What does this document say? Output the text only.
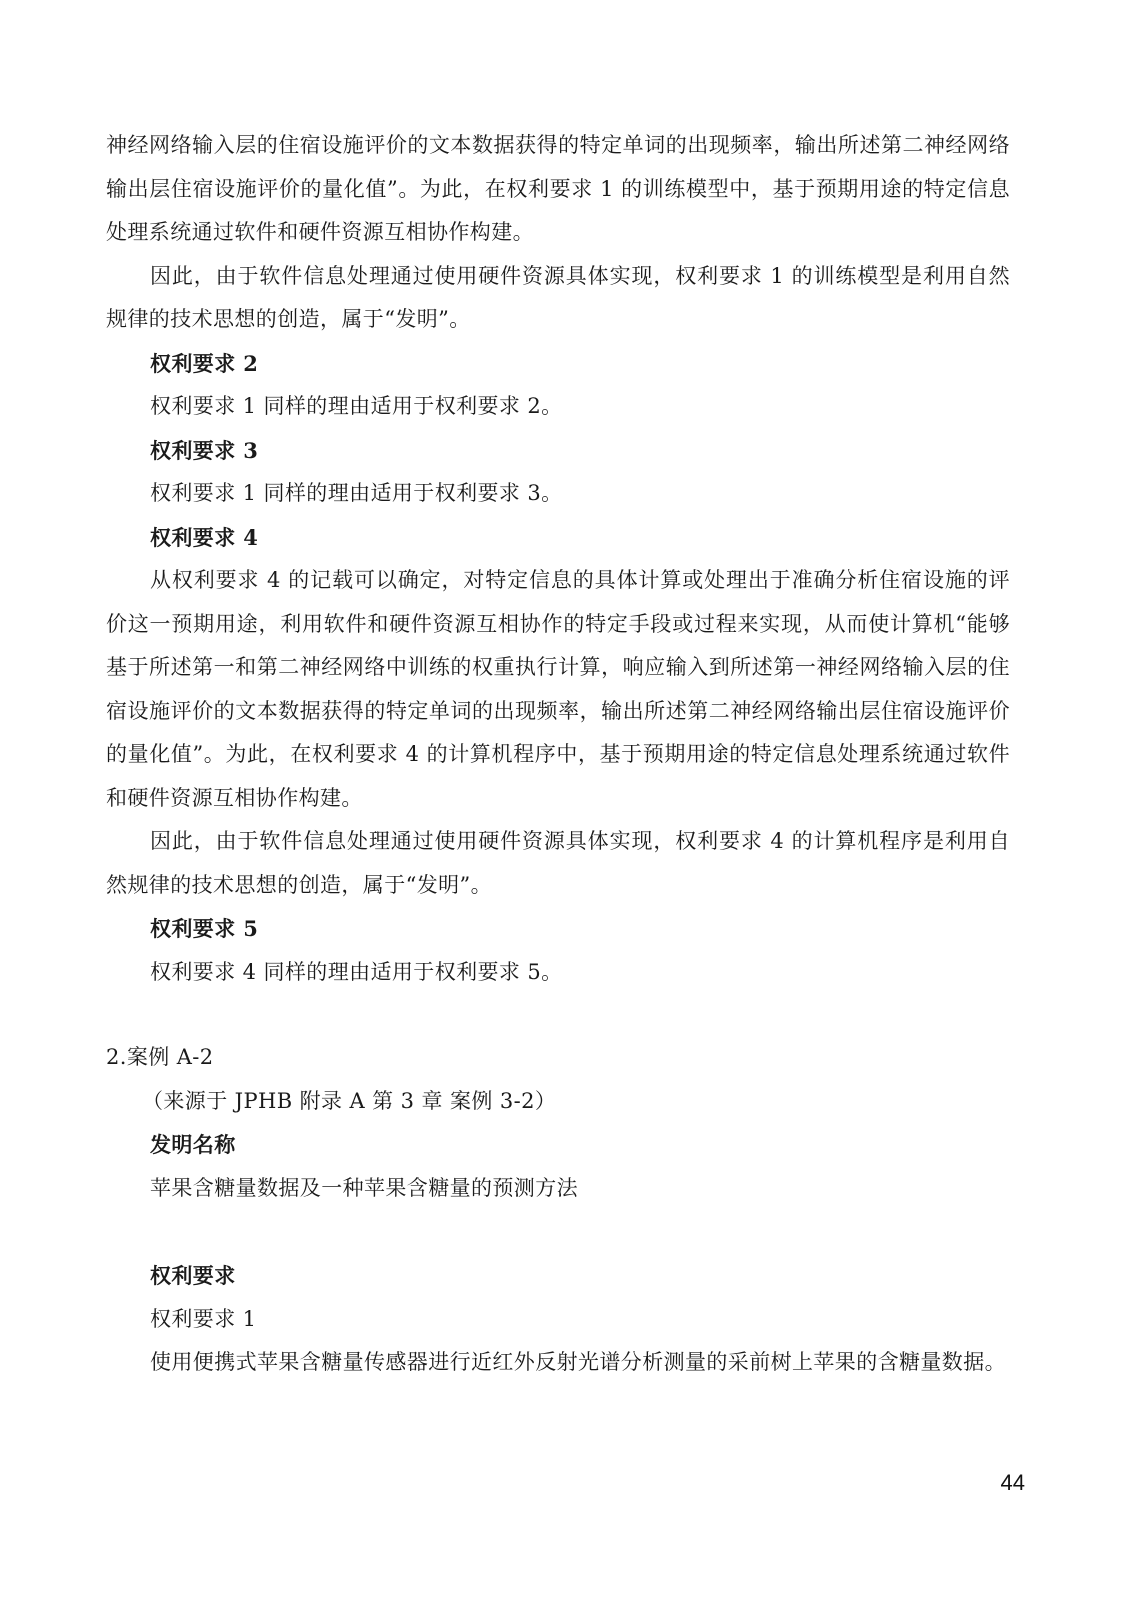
神经网络输入层的住宿设施评价的文本数据获得的特定单词的出现频率，输出所述第二神经网络输出层住宿设施评价的量化值”。为此，在权利要求 1 的训练模型中，基于预期用途的特定信息处理系统通过软件和硬件资源互相协作构建。

因此，由于软件信息处理通过使用硬件资源具体实现，权利要求 1 的训练模型是利用自然规律的技术思想的创造，属于“发明”。

权利要求 2

权利要求 1 同样的理由适用于权利要求 2。

权利要求 3

权利要求 1 同样的理由适用于权利要求 3。

权利要求 4

从权利要求 4 的记载可以确定，对特定信息的具体计算或处理出于准确分析住宿设施的评价这一预期用途，利用软件和硬件资源互相协作的特定手段或过程来实现，从而使计算机“能够基于所述第一和第二神经网络中训练的权重执行计算，响应输入到所述第一神经网络输入层的住宿设施评价的文本数据获得的特定单词的出现频率，输出所述第二神经网络输出层住宿设施评价的量化值”。为此，在权利要求 4 的计算机程序中，基于预期用途的特定信息处理系统通过软件和硬件资源互相协作构建。

因此，由于软件信息处理通过使用硬件资源具体实现，权利要求 4 的计算机程序是利用自然规律的技术思想的创造，属于“发明”。

权利要求 5

权利要求 4 同样的理由适用于权利要求 5。

2.案例 A-2

（来源于 JPHB 附录 A 第 3 章 案例 3-2）

发明名称

苹果含糖量数据及一种苹果含糖量的预测方法

权利要求

权利要求 1

使用便携式苹果含糖量传感器进行近红外反射光谱分析测量的采前树上苹果的含糖量数据。

44
